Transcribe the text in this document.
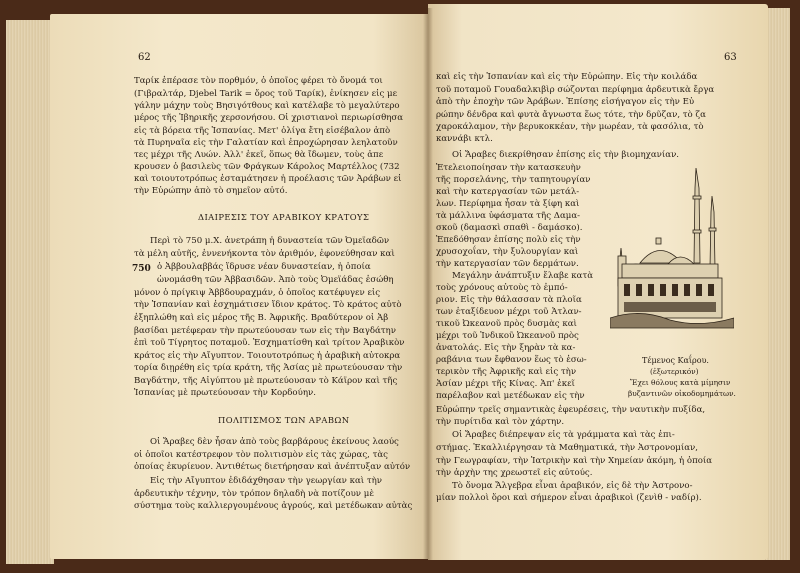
62
Ταρίκ ἐπέρασε τὸν πορθμόν, ὁ ὁποῖος φέρει τὸ ὄνομά τοι
(Γιβραλτάρ, Djebel Tarik = ὄρος τοῦ Ταρίκ), ἐνίκησεν εἰς με
γάλην μάχην τοὺς Βησιγότθους καὶ κατέλαβε τὸ μεγαλύτερο
μέρος τῆς Ἰβηρικῆς χερσονήσου. Οἱ χριστιανοὶ περιωρίσθησα
εἰς τὰ βόρεια τῆς Ἱσπανίας. Μετ' ὀλίγα ἔτη εἰσέβαλον ἀπὸ
τὰ Πυρηναῖα εἰς τὴν Γαλατίαν καὶ ἐπροχώρησαν λεηλατοῦν
τες μέχρι τῆς Λυών. Ἀλλ' ἐκεῖ, ὅπως θὰ ἴδωμεν, τοὺς ἀπε
κρουσεν ὁ βασιλεὺς τῶν Φράγκων Κάρολος Μαρτέλλος (732
καὶ τοιουτοτρόπως ἐσταμάτησεν ἡ προέλασις τῶν Ἀράβων εἰ
τὴν Εὐρώπην ἀπὸ τὸ σημεῖον αὐτό.
ΔΙΑΙΡΕΣΙΣ ΤΟΥ ΑΡΑΒΙΚΟΥ ΚΡΑΤΟΥΣ
Περὶ τὸ 750 μ.Χ. ἀνετράπη ἡ δυναστεία τῶν Ὀμεϊαδῶν
τὰ μέλη αὐτῆς, ἐννενήκοντα τὸν ἀριθμόν, ἐφονεύθησαν καὶ
750 ὁ Ἀββουλαββάς ἵδρυσε νέαν δυναστείαν, ἡ ὁποία
ὠνομάσθη τῶν Ἀββασιδῶν. Ἀπὸ τοὺς Ὀμεϊάδας ἐσώθη
μόνον ὁ πρίγκιψ Ἀββδουραχμάν, ὁ ὁποῖος κατέφυγεν εἰς
τὴν Ἱσπανίαν καὶ ἐσχημάτισεν ἴδιον κράτος. Τὸ κράτος αὐτὸ
ἐξηπλώθη καὶ εἰς μέρος τῆς Β. Ἀφρικῆς. Βραδύτερον οἱ Ἀβ
βασίδαι μετέφεραν τὴν πρωτεύουσαν των εἰς τὴν Βαγδάτην
ἐπὶ τοῦ Τίγρητος ποταμοῦ. Ἐσχηματίσθη καὶ τρίτον Ἀραβικὸν
κράτος εἰς τὴν Αἴγυπτον. Τοιουτοτρόπως ἡ ἀραβικὴ αὐτοκρα
τορία διῃρέθη εἰς τρία κράτη, τῆς Ἀσίας μὲ πρωτεύουσαν τὴν
Βαγδάτην, τῆς Αἰγύπτου μὲ πρωτεύουσαν τὸ Κάϊρον καὶ τῆς
Ἱσπανίας μὲ πρωτεύουσαν τὴν Κορδούην.
ΠΟΛΙΤΙΣΜΟΣ ΤΩΝ ΑΡΑΒΩΝ
Οἱ Ἄραβες δὲν ἦσαν ἀπὸ τοὺς βαρβάρους ἐκείνους λαούς
οἱ ὁποῖοι κατέστρεφον τὸν πολιτισμὸν εἰς τὰς χώρας, τὰς
ὁποίας ἐκυρίευον. Ἀντιθέτως διετήρησαν καὶ ἀνέπτυξαν αὐτόν
Εἰς τὴν Αἴγυπτον ἐδιδάχθησαν τὴν γεωργίαν καὶ τὴν
ἀρδευτικὴν τέχνην, τὸν τρόπον δηλαδὴ νὰ ποτίζουν μὲ
σύστημα τοὺς καλλιεργουμένους ἀγρούς, καὶ μετέδωκαν αὐτὰς
63
καὶ εἰς τὴν Ἱσπανίαν καὶ εἰς τὴν Εὐρώπην. Εἰς τὴν κοιλάδα
τοῦ ποταμοῦ Γουαδαλκιβὶρ σώζονται περίφημα ἀρδευτικὰ ἔργα
ἀπὸ τὴν ἐποχὴν τῶν Ἀράβων. Ἐπίσης εἰσήγαγον εἰς τὴν Εὐ
ρώπην δένδρα καὶ φυτὰ ἄγνωστα ἕως τότε, τὴν δρῦζαν, τὸ ζα
χαροκάλαμον, τὴν βερυκοκκέαν, τὴν μωρέαν, τὰ φασόλια, τὸ
καννάβι κτλ.
Οἱ Ἄραβες διεκρίθησαν ἐπίσης εἰς τὴν βιομηχανίαν.
Ἐτελειοποίησαν τὴν κατασκευὴν
τῆς πορσελάνης, τὴν ταπητουργίαν
καὶ τὴν κατεργασίαν τῶν μετάλ-
λων. Περίφημα ἦσαν τὰ ξίφη καὶ
τὰ μάλλινα ὑφάσματα τῆς Δαμα-
σκοῦ (δαμασκὶ σπαθὶ - δαμάσκο).
Ἐπεδόθησαν ἐπίσης πολὺ εἰς τὴν
χρυσοχοΐαν, τὴν ξυλουργίαν καὶ
τὴν κατεργασίαν τῶν δερμάτων.
Μεγάλην ἀνάπτυξιν ἔλαβε κατὰ
τοὺς χρόνους αὐτοὺς τὸ ἐμπό-
ριον. Εἰς τὴν θάλασσαν τὰ πλοῖα
των ἐταξίδευον μέχρι τοῦ Ἀτλαν-
τικοῦ Ὠκεανοῦ πρὸς δυσμὰς καὶ
μέχρι τοῦ Ἰνδικοῦ Ὠκεανοῦ πρὸς
ἀνατολάς. Εἰς τὴν ξηρὰν τὰ κα-
ραβάνια των ἔφθανον ἕως τὸ ἐσω-
τερικὸν τῆς Ἀφρικῆς καὶ εἰς τὴν
Ἀσίαν μέχρι τῆς Κίνας. Ἀπ' ἐκεῖ
παρέλαβον καὶ μετέδωκαν εἰς τὴν
Εὐρώπην τρεῖς σημαντικὰς ἐφευρέσεις, τὴν ναυτικὴν πυξίδα,
τὴν πυρίτιδα καὶ τὸν χάρτην.
Οἱ Ἄραβες διέπρεψαν εἰς τὰ γράμματα καὶ τὰς ἐπι-
στήμας. Ἐκαλλιέργησαν τὰ Μαθηματικά, τὴν Ἀστρονομίαν,
τὴν Γεωγραφίαν, τὴν Ἰατρικὴν καὶ τὴν Χημείαν ἀκόμη, ἡ ὁποία
τὴν ἀρχὴν της χρεωστεῖ εἰς αὐτούς.
Τὸ ὄνομα Ἄλγεβρα εἶναι ἀραβικόν, εἰς δὲ τὴν Ἀστρονο-
μίαν πολλοὶ ὅροι καὶ σήμερον εἶναι ἀραβικοὶ (ζενὶθ - ναδίρ).
Τέμενος Καΐρου.
(ἐξωτερικόν)
Ἔχει θόλους κατὰ μίμησιν
βυζαντινῶν οἰκοδομημάτων.
